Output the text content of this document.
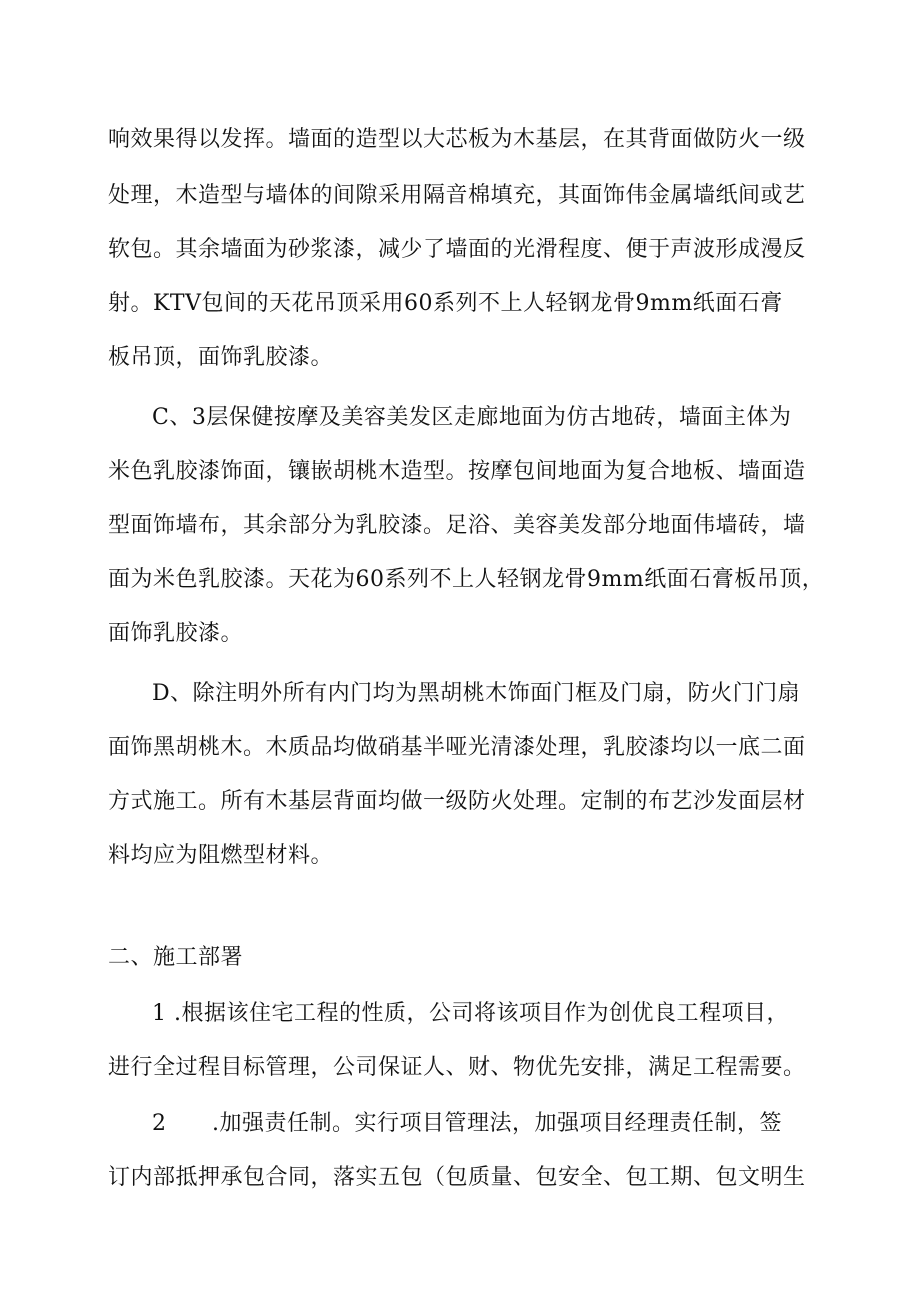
响效果得以发挥。墙面的造型以大芯板为木基层，在其背面做防火一级
处理，木造型与墙体的间隙采用隔音棉填充，其面饰伟金属墙纸间或艺
软包。其余墙面为砂浆漆，减少了墙面的光滑程度、便于声波形成漫反
射。KTV包间的天花吊顶采用60系列不上人轻钢龙骨9mm纸面石膏
板吊顶，面饰乳胶漆。
C、3层保健按摩及美容美发区走廊地面为仿古地砖，墙面主体为
米色乳胶漆饰面，镶嵌胡桃木造型。按摩包间地面为复合地板、墙面造
型面饰墙布，其余部分为乳胶漆。足浴、美容美发部分地面伟墙砖，墙
面为米色乳胶漆。天花为60系列不上人轻钢龙骨9mm纸面石膏板吊顶，
面饰乳胶漆。
D、除注明外所有内门均为黑胡桃木饰面门框及门扇，防火门门扇
面饰黑胡桃木。木质品均做硝基半哑光清漆处理，乳胶漆均以一底二面
方式施工。所有木基层背面均做一级防火处理。定制的布艺沙发面层材
料均应为阻燃型材料。
二、施工部署
1 .根据该住宅工程的性质，公司将该项目作为创优良工程项目，
进行全过程目标管理，公司保证人、财、物优先安排，满足工程需要。
2 .加强责任制。实行项目管理法，加强项目经理责任制，签
订内部抵押承包合同，落实五包（包质量、包安全、包工期、包文明生
